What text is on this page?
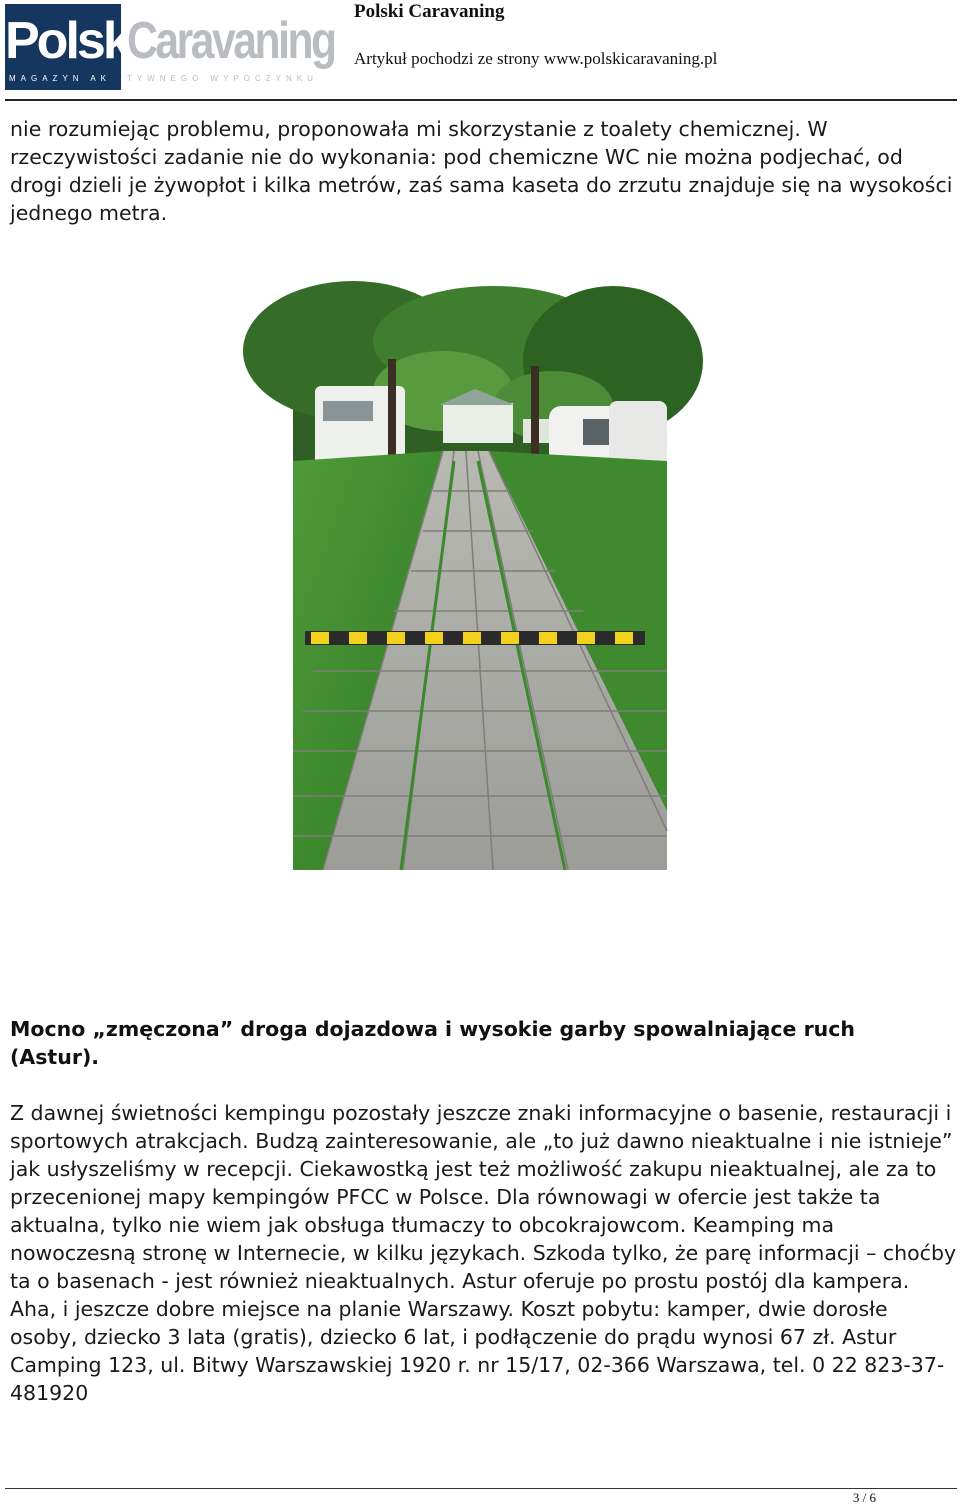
Polski
Caravaning
MAGAZYN AK	TYWNEGO WYPOCZYNKU
Polski Caravaning
Artykuł pochodzi ze strony www.polskicaravaning.pl

nie rozumiejąc problemu, proponowała mi skorzystanie z toalety chemicznej. W rzeczywistości zadanie nie do wykonania: pod chemiczne WC nie można podjechać, od drogi dzieli je żywopłot i kilka metrów, zaś sama kaseta do zrzutu znajduje się na wysokości jednego metra.

Mocno „zmęczona” droga dojazdowa i wysokie garby spowalniające ruch (Astur).

Z dawnej świetności kempingu pozostały jeszcze znaki informacyjne o basenie, restauracji i sportowych atrakcjach. Budzą zainteresowanie, ale „to już dawno nieaktualne i nie istnieje” jak usłyszeliśmy w recepcji. Ciekawostką jest też możliwość zakupu nieaktualnej, ale za to przecenionej mapy kempingów PFCC w Polsce. Dla równowagi w ofercie jest także ta aktualna, tylko nie wiem jak obsługa tłumaczy to obcokrajowcom. Keamping ma nowoczesną stronę w Internecie, w kilku językach. Szkoda tylko, że parę informacji – choćby ta o basenach - jest również nieaktualnych. Astur oferuje po prostu postój dla kampera. Aha, i jeszcze dobre miejsce na planie Warszawy. Koszt pobytu: kamper, dwie dorosłe osoby, dziecko 3 lata (gratis), dziecko 6 lat, i podłączenie do prądu wynosi 67 zł. Astur Camping 123, ul. Bitwy Warszawskiej 1920 r. nr 15/17, 02-366 Warszawa, tel. 0 22 823-37-481920

3 / 6
